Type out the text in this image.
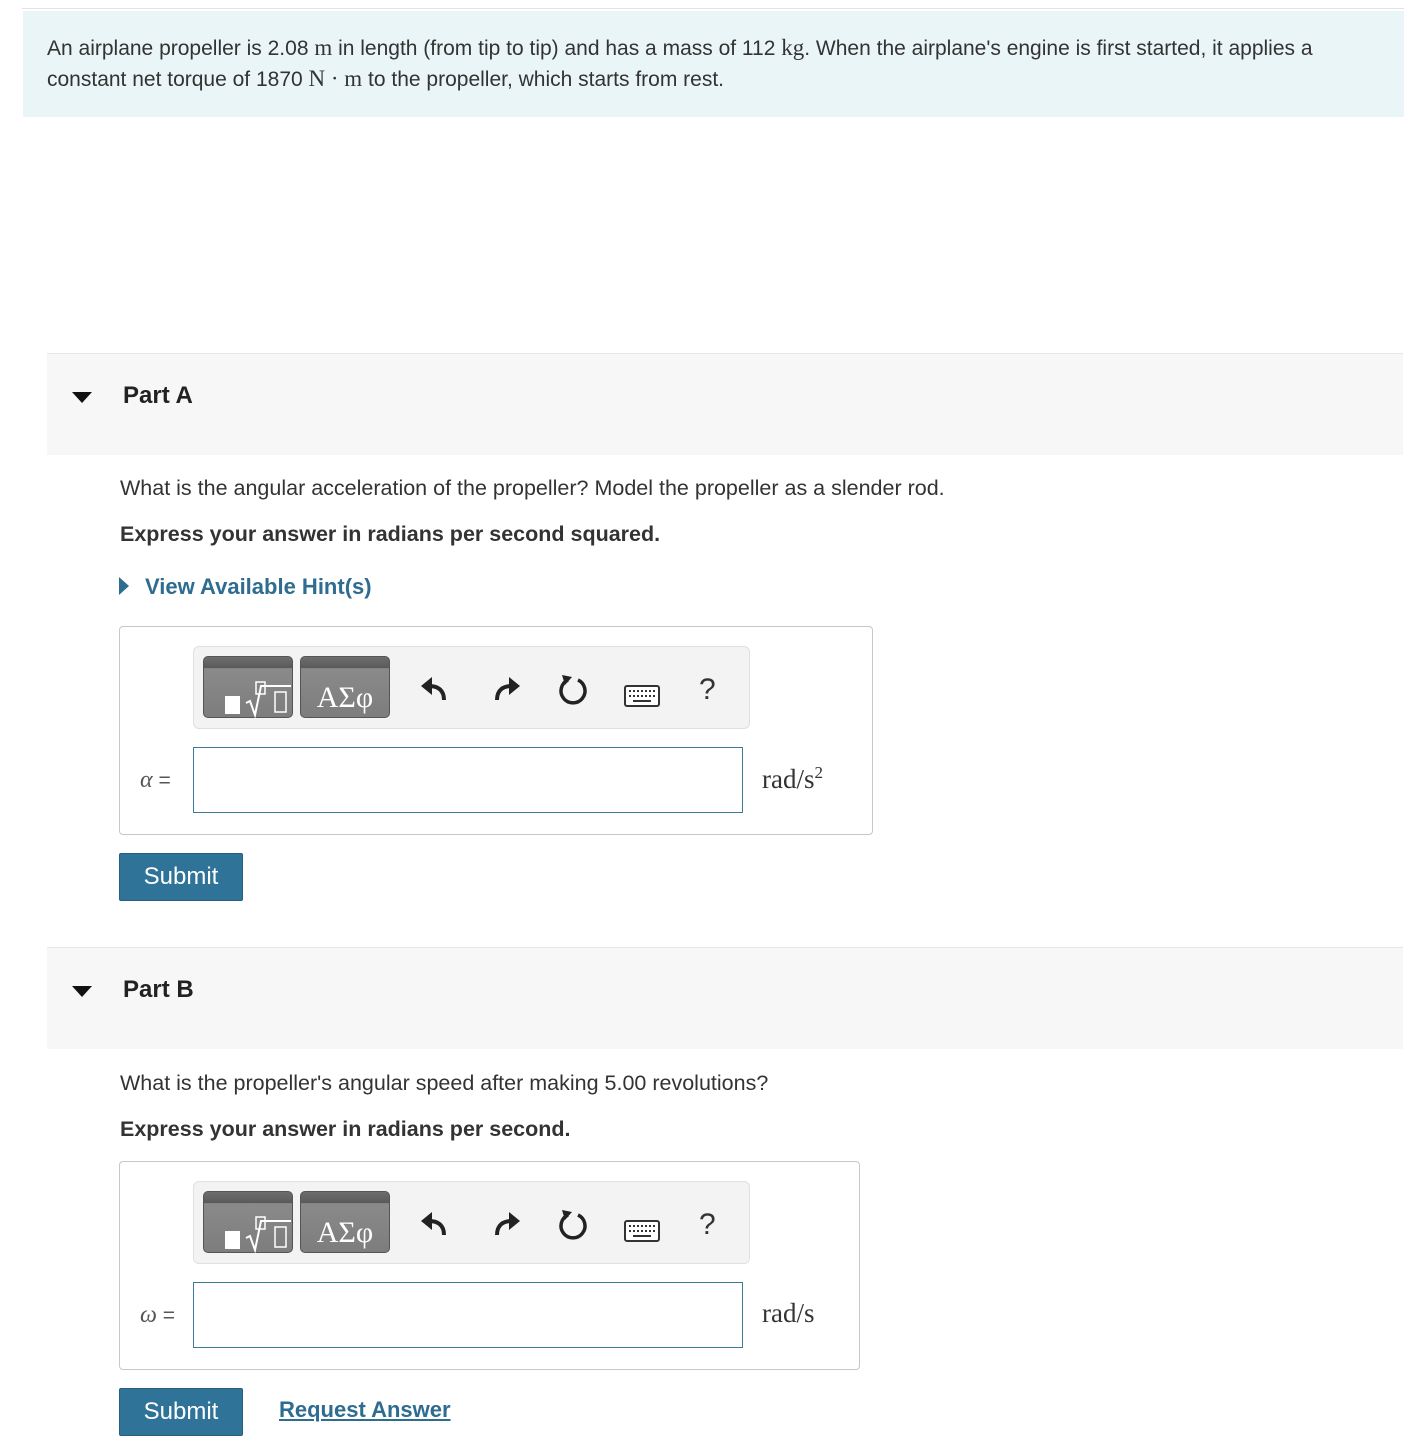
An airplane propeller is 2.08 m in length (from tip to tip) and has a mass of 112 kg. When the airplane's engine is first started, it applies a constant net torque of 1870 N · m to the propeller, which starts from rest.
Part A
What is the angular acceleration of the propeller? Model the propeller as a slender rod.
Express your answer in radians per second squared.
View Available Hint(s)
ΑΣφ	?
α =	rad/$s^2$
Submit
Part B
What is the propeller's angular speed after making 5.00 revolutions?
Express your answer in radians per second.
ΑΣφ	?
ω =	rad/s
Submit	Request Answer
